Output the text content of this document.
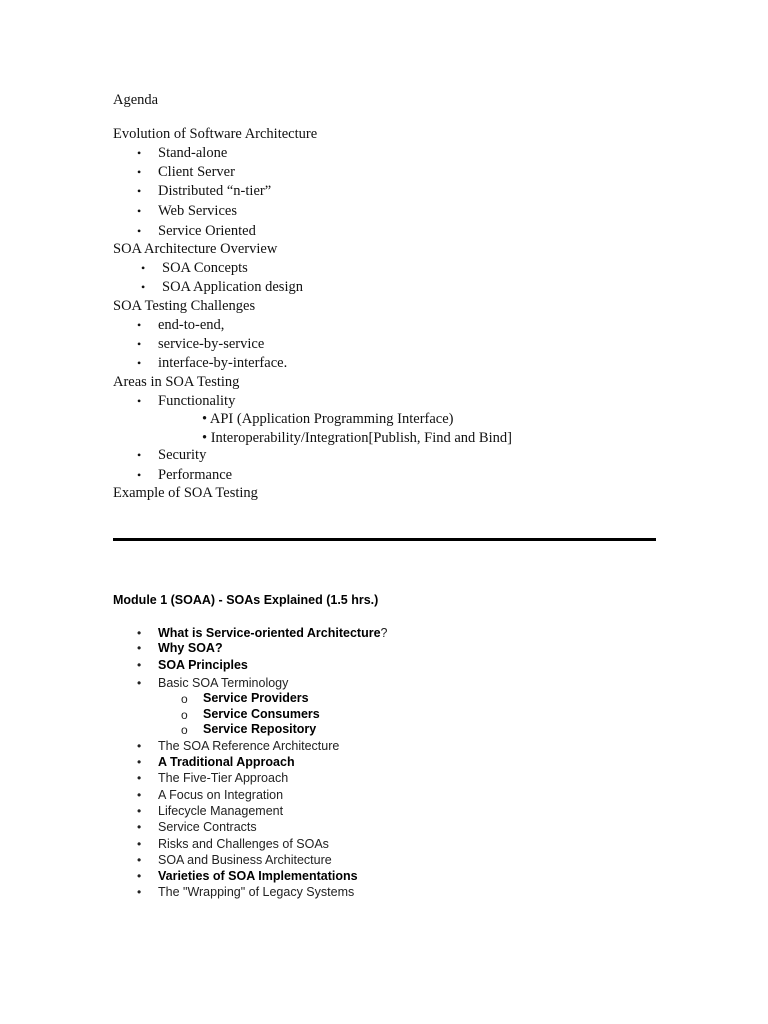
Agenda
Evolution of Software Architecture
• Stand-alone
• Client Server
• Distributed “n-tier”
• Web Services
• Service Oriented
SOA Architecture Overview
• SOA Concepts
• SOA Application design
SOA Testing Challenges
• end-to-end,
• service-by-service
• interface-by-interface.
Areas in SOA Testing
• Functionality
• API (Application Programming Interface)
• Interoperability/Integration[Publish, Find and Bind]
• Security
• Performance
Example of SOA Testing
Module 1 (SOAA) - SOAs Explained (1.5 hrs.)
• What is Service-oriented Architecture?
• Why SOA?
• SOA Principles
• Basic SOA Terminology
o Service Providers
o Service Consumers
o Service Repository
• The SOA Reference Architecture
• A Traditional Approach
• The Five-Tier Approach
• A Focus on Integration
• Lifecycle Management
• Service Contracts
• Risks and Challenges of SOAs
• SOA and Business Architecture
• Varieties of SOA Implementations
• The "Wrapping" of Legacy Systems
